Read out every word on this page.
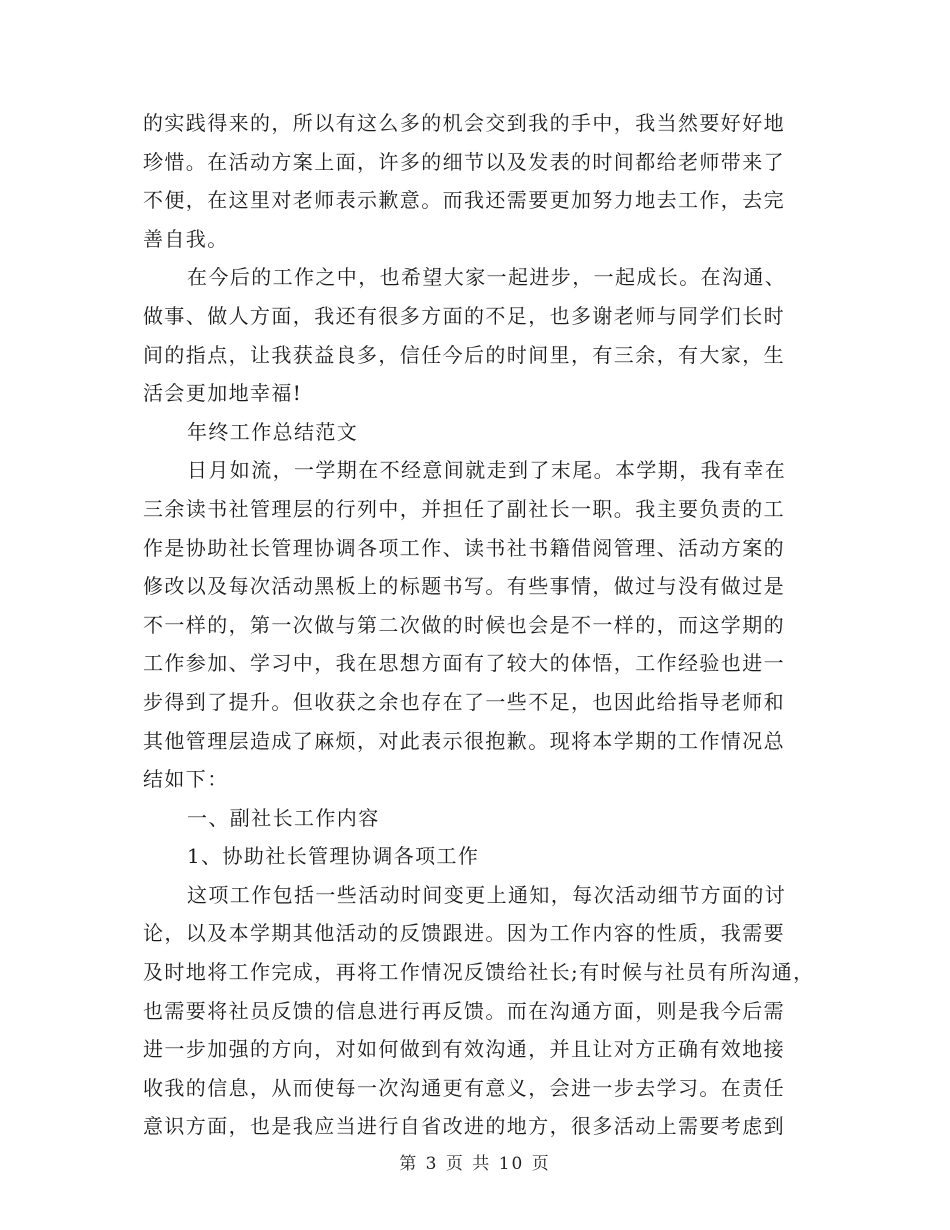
的实践得来的，所以有这么多的机会交到我的手中，我当然要好好地
珍惜。在活动方案上面，许多的细节以及发表的时间都给老师带来了
不便，在这里对老师表示歉意。而我还需要更加努力地去工作，去完
善自我。
在今后的工作之中，也希望大家一起进步，一起成长。在沟通、
做事、做人方面，我还有很多方面的不足，也多谢老师与同学们长时
间的指点，让我获益良多，信任今后的时间里，有三余，有大家，生
活会更加地幸福!
年终工作总结范文
日月如流，一学期在不经意间就走到了末尾。本学期，我有幸在
三余读书社管理层的行列中，并担任了副社长一职。我主要负责的工
作是协助社长管理协调各项工作、读书社书籍借阅管理、活动方案的
修改以及每次活动黑板上的标题书写。有些事情，做过与没有做过是
不一样的，第一次做与第二次做的时候也会是不一样的，而这学期的
工作参加、学习中，我在思想方面有了较大的体悟，工作经验也进一
步得到了提升。但收获之余也存在了一些不足，也因此给指导老师和
其他管理层造成了麻烦，对此表示很抱歉。现将本学期的工作情况总
结如下：
一、副社长工作内容
1、协助社长管理协调各项工作
这项工作包括一些活动时间变更上通知，每次活动细节方面的讨
论，以及本学期其他活动的反馈跟进。因为工作内容的性质，我需要
及时地将工作完成，再将工作情况反馈给社长;有时候与社员有所沟通，
也需要将社员反馈的信息进行再反馈。而在沟通方面，则是我今后需
进一步加强的方向，对如何做到有效沟通，并且让对方正确有效地接
收我的信息，从而使每一次沟通更有意义，会进一步去学习。在责任
意识方面，也是我应当进行自省改进的地方，很多活动上需要考虑到
第 3 页 共 10 页
